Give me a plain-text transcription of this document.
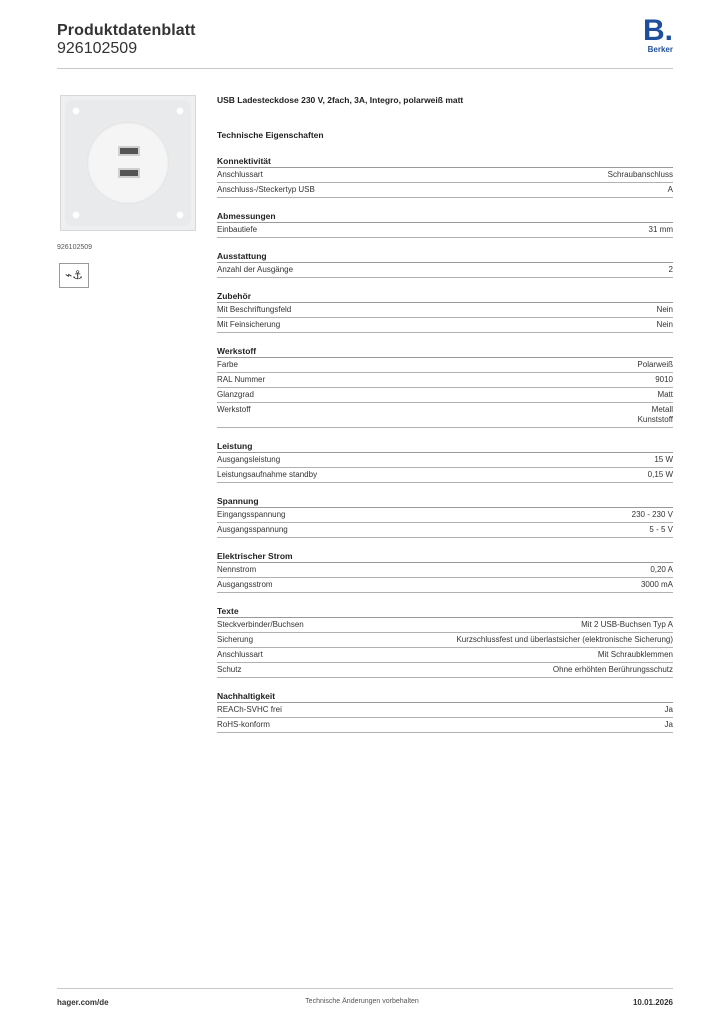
Produktdatenblatt
926102509
B.
Berker
926102509
⌁⚓
USB Ladesteckdose 230 V, 2fach, 3A, Integro, polarweiß matt
Technische Eigenschaften
Konnektivität
Anschlussart	Schraubanschluss
Anschluss-/Steckertyp USB	A
Abmessungen
Einbautiefe	31 mm
Ausstattung
Anzahl der Ausgänge	2
Zubehör
Mit Beschriftungsfeld	Nein
Mit Feinsicherung	Nein
Werkstoff
Farbe	Polarweiß
RAL Nummer	9010
Glanzgrad	Matt
Werkstoff	Metall
Kunststoff
Leistung
Ausgangsleistung	15 W
Leistungsaufnahme standby	0,15 W
Spannung
Eingangsspannung	230 - 230 V
Ausgangsspannung	5 - 5 V
Elektrischer Strom
Nennstrom	0,20 A
Ausgangsstrom	3000 mA
Texte
Steckverbinder/Buchsen	Mit 2 USB-Buchsen Typ A
Sicherung	Kurzschlussfest und überlastsicher (elektronische Sicherung)
Anschlussart	Mit Schraubklemmen
Schutz	Ohne erhöhten Berührungsschutz
Nachhaltigkeit
REACh-SVHC frei	Ja
RoHS-konform	Ja
hager.com/de	Technische Änderungen vorbehalten	10.01.2026
